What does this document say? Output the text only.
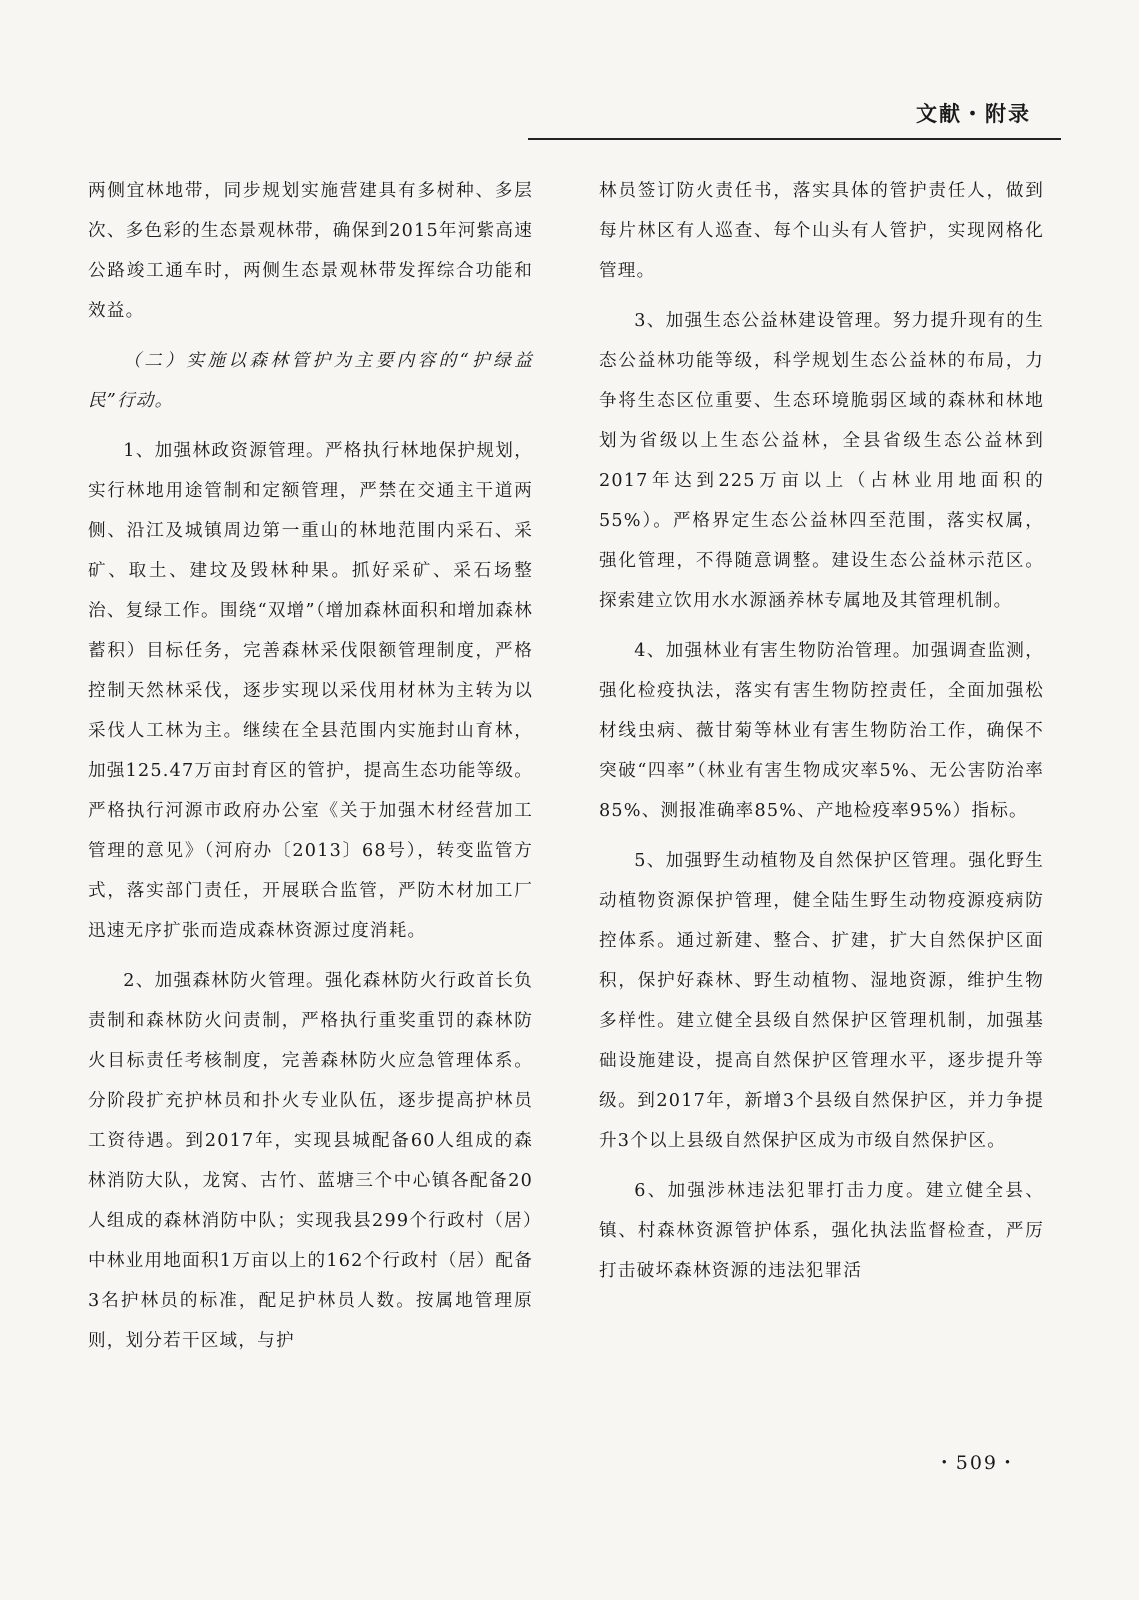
文献・附录

两侧宜林地带，同步规划实施营建具有多树种、多层次、多色彩的生态景观林带，确保到2015年河紫高速公路竣工通车时，两侧生态景观林带发挥综合功能和效益。

（二）实施以森林管护为主要内容的“护绿益民”行动。

1、加强林政资源管理。严格执行林地保护规划，实行林地用途管制和定额管理，严禁在交通主干道两侧、沿江及城镇周边第一重山的林地范围内采石、采矿、取土、建坟及毁林种果。抓好采矿、采石场整治、复绿工作。围绕“双增”（增加森林面积和增加森林蓄积）目标任务，完善森林采伐限额管理制度，严格控制天然林采伐，逐步实现以采伐用材林为主转为以采伐人工林为主。继续在全县范围内实施封山育林，加强125.47万亩封育区的管护，提高生态功能等级。严格执行河源市政府办公室《关于加强木材经营加工管理的意见》（河府办〔2013〕68号），转变监管方式，落实部门责任，开展联合监管，严防木材加工厂迅速无序扩张而造成森林资源过度消耗。

2、加强森林防火管理。强化森林防火行政首长负责制和森林防火问责制，严格执行重奖重罚的森林防火目标责任考核制度，完善森林防火应急管理体系。分阶段扩充护林员和扑火专业队伍，逐步提高护林员工资待遇。到2017年，实现县城配备60人组成的森林消防大队，龙窝、古竹、蓝塘三个中心镇各配备20人组成的森林消防中队；实现我县299个行政村（居）中林业用地面积1万亩以上的162个行政村（居）配备3名护林员的标准，配足护林员人数。按属地管理原则，划分若干区域，与护

林员签订防火责任书，落实具体的管护责任人，做到每片林区有人巡查、每个山头有人管护，实现网格化管理。

3、加强生态公益林建设管理。努力提升现有的生态公益林功能等级，科学规划生态公益林的布局，力争将生态区位重要、生态环境脆弱区域的森林和林地划为省级以上生态公益林，全县省级生态公益林到2017年达到225万亩以上（占林业用地面积的55%）。严格界定生态公益林四至范围，落实权属，强化管理，不得随意调整。建设生态公益林示范区。探索建立饮用水水源涵养林专属地及其管理机制。

4、加强林业有害生物防治管理。加强调查监测，强化检疫执法，落实有害生物防控责任，全面加强松材线虫病、薇甘菊等林业有害生物防治工作，确保不突破“四率”（林业有害生物成灾率5%、无公害防治率85%、测报准确率85%、产地检疫率95%）指标。

5、加强野生动植物及自然保护区管理。强化野生动植物资源保护管理，健全陆生野生动物疫源疫病防控体系。通过新建、整合、扩建，扩大自然保护区面积，保护好森林、野生动植物、湿地资源，维护生物多样性。建立健全县级自然保护区管理机制，加强基础设施建设，提高自然保护区管理水平，逐步提升等级。到2017年，新增3个县级自然保护区，并力争提升3个以上县级自然保护区成为市级自然保护区。

6、加强涉林违法犯罪打击力度。建立健全县、镇、村森林资源管护体系，强化执法监督检查，严厉打击破坏森林资源的违法犯罪活

・509・
